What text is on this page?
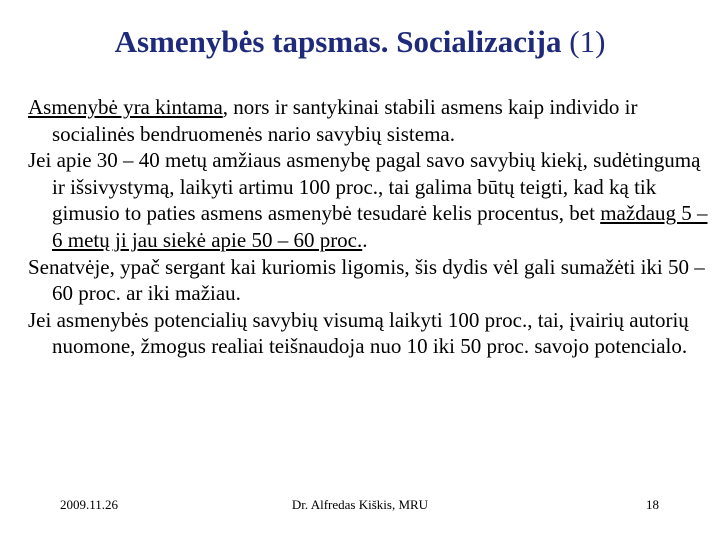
Asmenybės tapsmas. Socializacija (1)

Asmenybė yra kintama, nors ir santykinai stabili asmens kaip individo ir socialinės bendruomenės nario savybių sistema.

Jei apie 30 – 40 metų amžiaus asmenybę pagal savo savybių kiekį, sudėtingumą ir išsivystymą, laikyti artimu 100 proc., tai galima būtų teigti, kad ką tik gimusio to paties asmens asmenybė tesudarė kelis procentus, bet maždaug 5 – 6 metų ji jau siekė apie 50 – 60 proc..

Senatvėje, ypač sergant kai kuriomis ligomis, šis dydis vėl gali sumažėti iki 50 – 60 proc. ar iki mažiau.

Jei asmenybės potencialių savybių visumą laikyti 100 proc., tai, įvairių autorių nuomone, žmogus realiai teišnaudoja nuo 10 iki 50 proc. savojo potencialo.

2009.11.26	Dr. Alfredas Kiškis, MRU	18
